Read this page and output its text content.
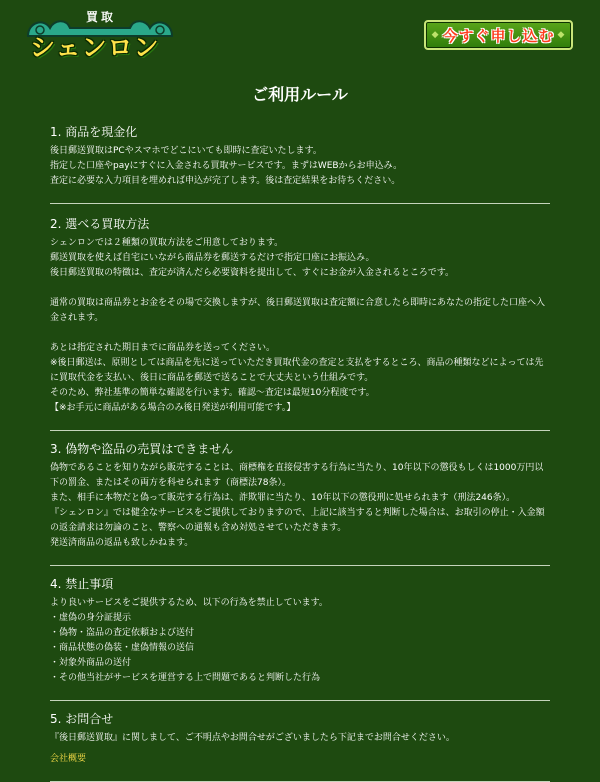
買取
シェンロン	◆ 今すぐ申し込む ◆
ご利用ルール
1. 商品を現金化

後日郵送買取はPCやスマホでどこにいても即時に査定いたします。
指定した口座やpayにすぐに入金される買取サービスです。まずはWEBからお申込み。
査定に必要な入力項目を埋めれば申込が完了します。後は査定結果をお待ちください。

2. 選べる買取方法

シェンロンでは２種類の買取方法をご用意しております。
郵送買取を使えば自宅にいながら商品券を郵送するだけで指定口座にお振込み。
後日郵送買取の特徴は、査定が済んだら必要資料を提出して、すぐにお金が入金されるところです。

通常の買取は商品券とお金をその場で交換しますが、後日郵送買取は査定額に合意したら即時にあなたの指定した口座へ入金されます。

あとは指定された期日までに商品券を送ってください。
※後日郵送は、原則としては商品を先に送っていただき買取代金の査定と支払をするところ、商品の種類などによっては先に買取代金を支払い、後日に商品を郵送で送ることで大丈夫という仕組みです。
そのため、弊社基準の簡単な確認を行います。確認〜査定は最短10分程度です。
【※お手元に商品がある場合のみ後日発送が利用可能です。】

3. 偽物や盗品の売買はできません

偽物であることを知りながら販売することは、商標権を直接侵害する行為に当たり、10年以下の懲役もしくは1000万円以下の罰金、またはその両方を科せられます（商標法78条）。
また、相手に本物だと偽って販売する行為は、詐欺罪に当たり、10年以下の懲役刑に処せられます（刑法246条）。
『シェンロン』では健全なサービスをご提供しておりますので、上記に該当すると判断した場合は、お取引の停止・入金額の返金請求は勿論のこと、警察への通報も含め対処させていただきます。
発送済商品の返品も致しかねます。

4. 禁止事項

より良いサービスをご提供するため、以下の行為を禁止しています。
・虚偽の身分証提示
・偽物・盗品の査定依頼および送付
・商品状態の偽装・虚偽情報の送信
・対象外商品の送付
・その他当社がサービスを運営する上で問題であると判断した行為

5. お問合せ

『後日郵送買取』に関しまして、ご不明点やお問合せがございましたら下記までお問合せください。

会社概要
